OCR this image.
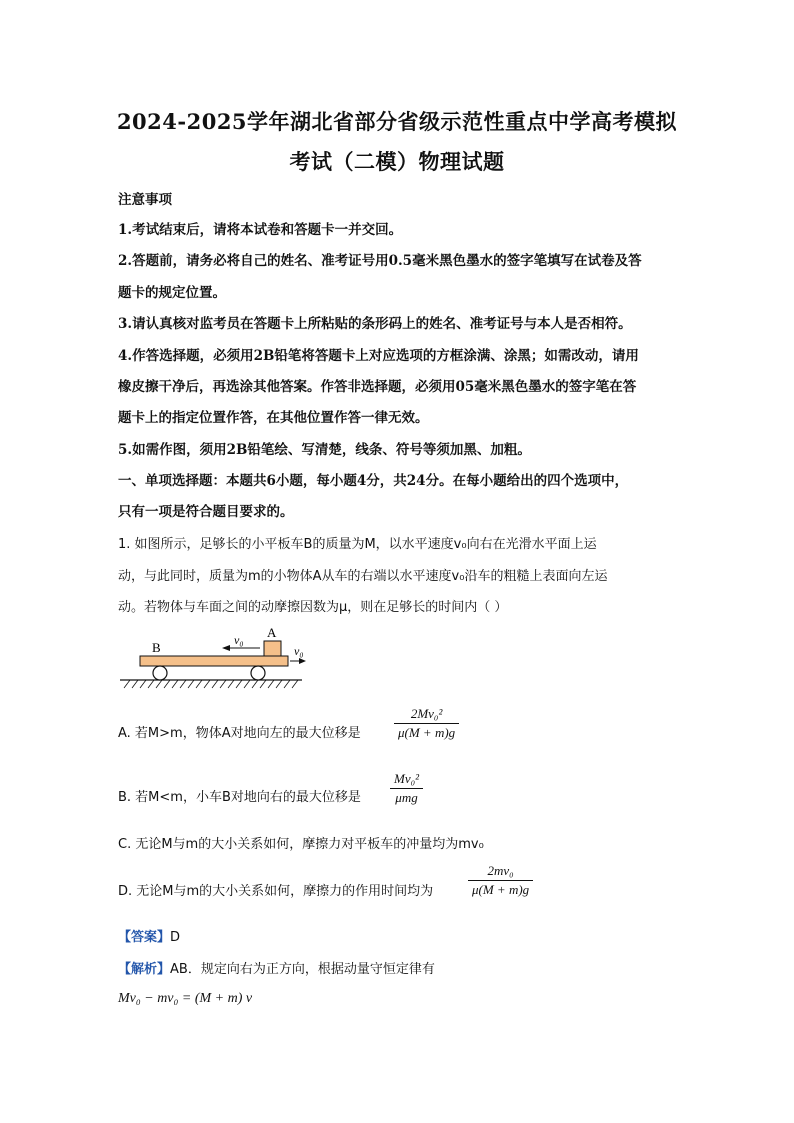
2024-2025学年湖北省部分省级示范性重点中学高考模拟
考试（二模）物理试题
注意事项
1.考试结束后，请将本试卷和答题卡一并交回。
2.答题前，请务必将自己的姓名、准考证号用0.5毫米黑色墨水的签字笔填写在试卷及答
题卡的规定位置。
3.请认真核对监考员在答题卡上所粘贴的条形码上的姓名、准考证号与本人是否相符。
4.作答选择题，必须用2B铅笔将答题卡上对应选项的方框涂满、涂黑；如需改动，请用
橡皮擦干净后，再选涂其他答案。作答非选择题，必须用05毫米黑色墨水的签字笔在答
题卡上的指定位置作答，在其他位置作答一律无效。
5.如需作图，须用2B铅笔绘、写清楚，线条、符号等须加黑、加粗。
一、单项选择题：本题共6小题，每小题4分，共24分。在每小题给出的四个选项中，
只有一项是符合题目要求的。
1. 如图所示，足够长的小平板车B的质量为M，以水平速度v₀向右在光滑水平面上运
动，与此同时，质量为m的小物体A从车的右端以水平速度v₀沿车的粗糙上表面向左运
动。若物体与车面之间的动摩擦因数为μ，则在足够长的时间内（ ）
B
A
v₀
v₀
A. 若M>m，物体A对地向左的最大位移是	$\frac{\text{2Mv₀²}}{\mu(M + m)g}$
B. 若M<m，小车B对地向右的最大位移是
Mv₀²
μmg
C. 无论M与m的大小关系如何，摩擦力对平板车的冲量均为mv₀
D. 无论M与m的大小关系如何，摩擦力的作用时间均为	$\frac{\text{2mv₀}}{\mu(M + m)g}$
【答案】D
【解析】AB．规定向右为正方向，根据动量守恒定律有
Mv₀ − mv₀ = (M + m) v
